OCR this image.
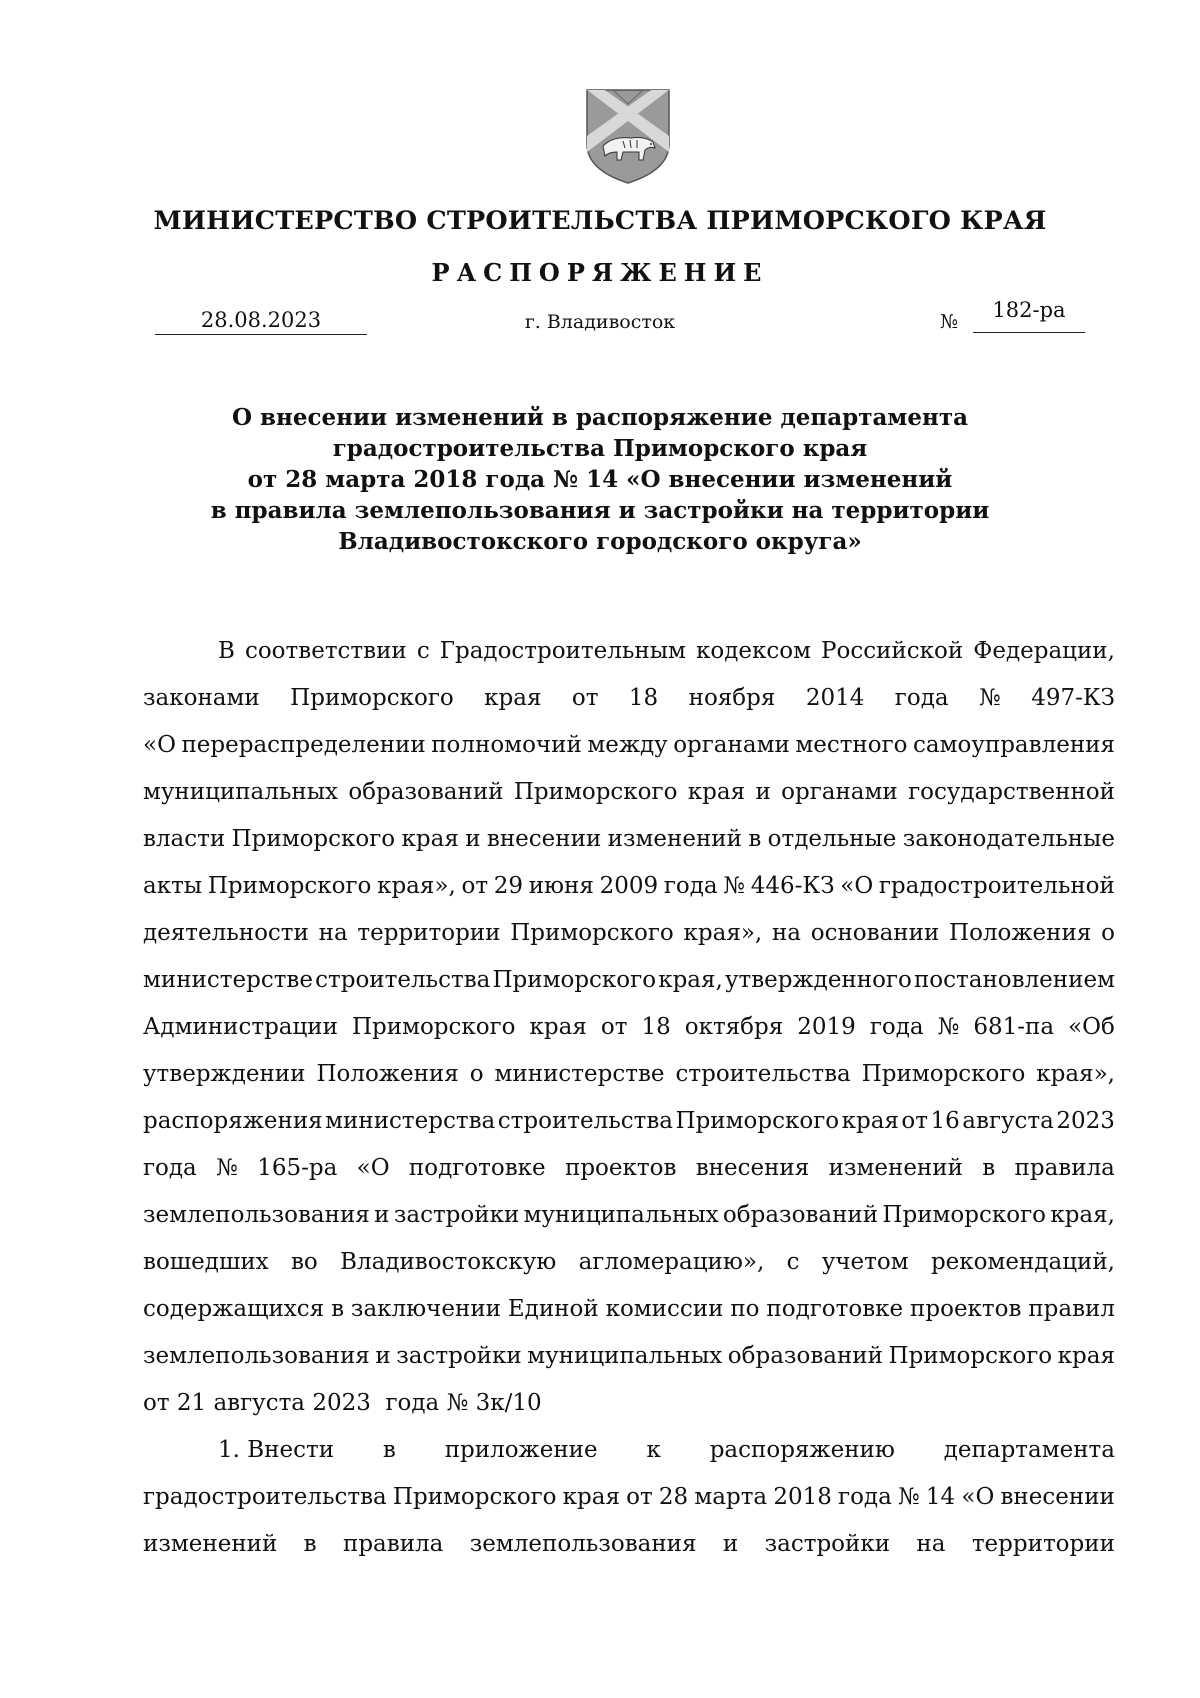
МИНИСТЕРСТВО СТРОИТЕЛЬСТВА ПРИМОРСКОГО КРАЯ
РАСПОРЯЖЕНИЕ
28.08.2023	г. Владивосток	№	182-ра
О внесении изменений в распоряжение департамента
градостроительства Приморского края
от 28 марта 2018 года № 14 «О внесении изменений
в правила землепользования и застройки на территории
Владивостокского городского округа»
В соответствии с Градостроительным кодексом Российской Федерации,
законами Приморского края от 18 ноября 2014 года № 497-КЗ
«О перераспределении полномочий между органами местного самоуправления
муниципальных образований Приморского края и органами государственной
власти Приморского края и внесении изменений в отдельные законодательные
акты Приморского края», от 29 июня 2009 года № 446-КЗ «О градостроительной
деятельности на территории Приморского края», на основании Положения о
министерстве строительства Приморского края, утвержденного постановлением
Администрации Приморского края от 18 октября 2019 года № 681-па «Об
утверждении Положения о министерстве строительства Приморского края»,
распоряжения министерства строительства Приморского края от 16 августа 2023
года № 165-ра «О подготовке проектов внесения изменений в правила
землепользования и застройки муниципальных образований Приморского края,
вошедших во Владивостокскую агломерацию», с учетом рекомендаций,
содержащихся в заключении Единой комиссии по подготовке проектов правил
землепользования и застройки муниципальных образований Приморского края
от 21 августа 2023  года № 3к/10
1. Внести в приложение к распоряжению департамента
градостроительства Приморского края от 28 марта 2018 года № 14 «О внесении
изменений в правила землепользования и застройки на территории
